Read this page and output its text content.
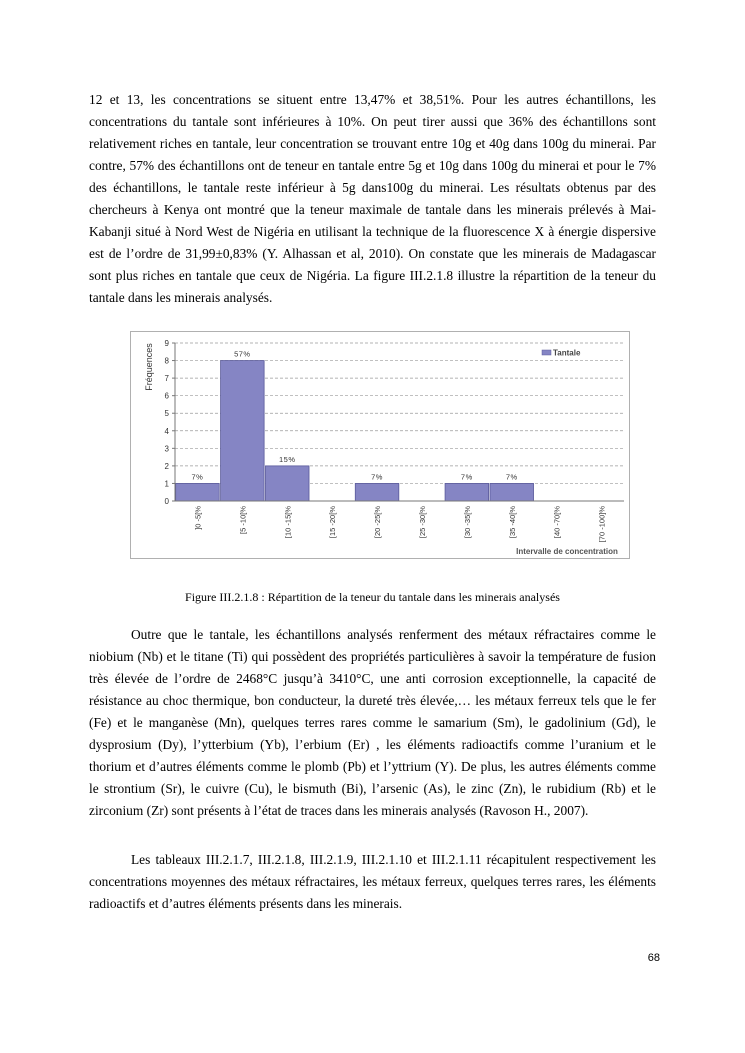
12 et 13, les concentrations se situent entre 13,47% et 38,51%. Pour les autres échantillons, les concentrations du tantale sont inférieures à 10%. On peut tirer aussi que 36% des échantillons sont relativement riches en tantale, leur concentration se trouvant entre 10g et 40g dans 100g du minerai. Par contre, 57% des échantillons ont de teneur en tantale entre 5g et 10g dans 100g du minerai et pour le 7% des échantillons, le tantale reste inférieur à 5g dans100g du minerai. Les résultats obtenus par des chercheurs à Kenya ont montré que la teneur maximale de tantale dans les minerais prélevés à Mai-Kabanji situé à Nord West de Nigéria en utilisant la technique de la fluorescence X à énergie dispersive est de l’ordre de 31,99±0,83% (Y. Alhassan et al, 2010). On constate que les minerais de Madagascar sont plus riches en tantale que ceux de Nigéria. La figure III.2.1.8 illustre la répartition de la teneur du tantale dans les minerais analysés.

0
1
2
3
4
5
6
7
8
9
7%
]0 -5[%
57%
[5 -10[%
15%
[10 -15[%	[15 -20[%
7%
[20 -25[%	[25 -30[%
7%
[30 -35[%
7%
[35 -40[%	[40 -70[%	[70 -100]%
Fréquences
Intervalle de concentration
Tantale
Figure III.2.1.8 : Répartition de la teneur du tantale dans les minerais analysés

Outre que le tantale, les échantillons analysés renferment des métaux réfractaires comme le niobium (Nb) et le titane (Ti) qui possèdent des propriétés particulières à savoir la température de fusion très élevée de l’ordre de 2468°C jusqu’à 3410°C, une anti corrosion exceptionnelle, la capacité de résistance au choc thermique, bon conducteur, la dureté très élevée,… les métaux ferreux tels que le fer (Fe) et le manganèse (Mn), quelques terres rares comme le samarium (Sm), le gadolinium (Gd), le dysprosium (Dy), l’ytterbium (Yb), l’erbium (Er) , les éléments radioactifs comme l’uranium et le thorium et d’autres éléments comme le plomb (Pb) et l’yttrium (Y). De plus, les autres éléments comme le strontium (Sr), le cuivre (Cu), le bismuth (Bi), l’arsenic (As), le zinc (Zn), le rubidium (Rb) et le zirconium (Zr) sont présents à l’état de traces dans les minerais analysés (Ravoson H., 2007).

Les tableaux III.2.1.7, III.2.1.8, III.2.1.9, III.2.1.10 et III.2.1.11 récapitulent respectivement les concentrations moyennes des métaux réfractaires, les métaux ferreux, quelques terres rares, les éléments radioactifs et d’autres éléments présents dans les minerais.

68
